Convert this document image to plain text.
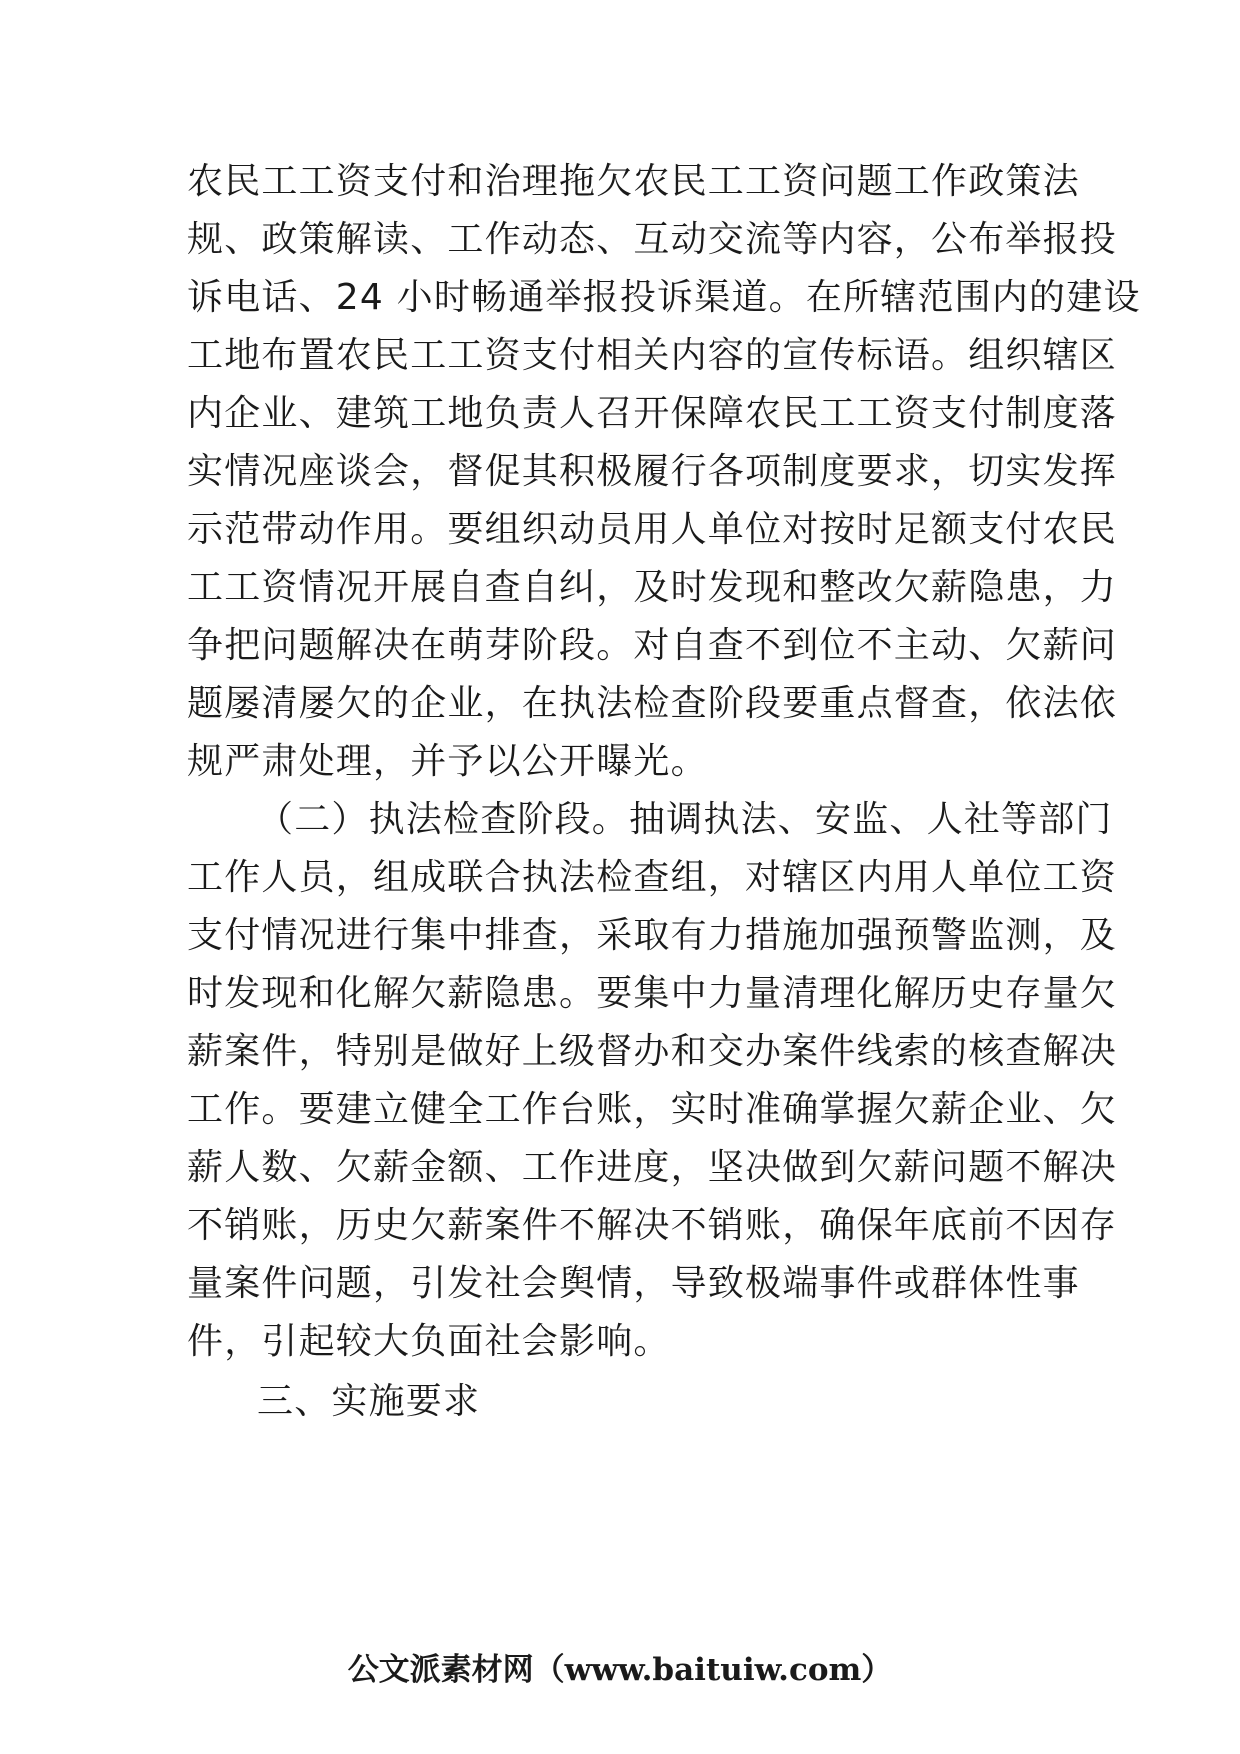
农民工工资支付和治理拖欠农民工工资问题工作政策法
规、政策解读、工作动态、互动交流等内容，公布举报投
诉电话、24 小时畅通举报投诉渠道。在所辖范围内的建设
工地布置农民工工资支付相关内容的宣传标语。组织辖区
内企业、建筑工地负责人召开保障农民工工资支付制度落
实情况座谈会，督促其积极履行各项制度要求，切实发挥
示范带动作用。要组织动员用人单位对按时足额支付农民
工工资情况开展自查自纠，及时发现和整改欠薪隐患，力
争把问题解决在萌芽阶段。对自查不到位不主动、欠薪问
题屡清屡欠的企业，在执法检查阶段要重点督查，依法依
规严肃处理，并予以公开曝光。
（二）执法检查阶段。抽调执法、安监、人社等部门
工作人员，组成联合执法检查组，对辖区内用人单位工资
支付情况进行集中排查，采取有力措施加强预警监测，及
时发现和化解欠薪隐患。要集中力量清理化解历史存量欠
薪案件，特别是做好上级督办和交办案件线索的核查解决
工作。要建立健全工作台账，实时准确掌握欠薪企业、欠
薪人数、欠薪金额、工作进度，坚决做到欠薪问题不解决
不销账，历史欠薪案件不解决不销账，确保年底前不因存
量案件问题，引发社会舆情，导致极端事件或群体性事
件，引起较大负面社会影响。
三、实施要求
公文派素材网（www.baituiw.com）
